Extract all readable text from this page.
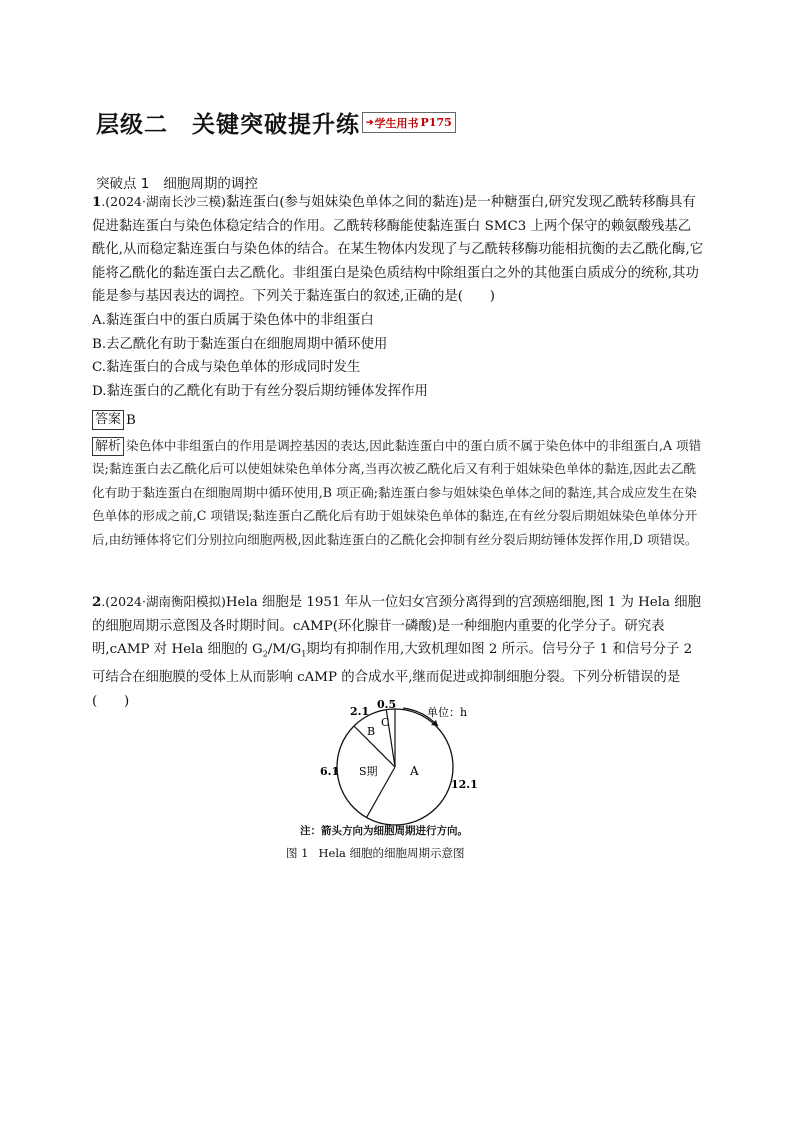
层级二　关键突破提升练 ➔ 学生用书 P175
突破点 1 细胞周期的调控
1.(2024·湖南长沙三模)黏连蛋白(参与姐妹染色单体之间的黏连)是一种糖蛋白,研究发现乙酰转移酶具有促进黏连蛋白与染色体稳定结合的作用。乙酰转移酶能使黏连蛋白 SMC3 上两个保守的赖氨酸残基乙酰化,从而稳定黏连蛋白与染色体的结合。在某生物体内发现了与乙酰转移酶功能相抗衡的去乙酰化酶,它能将乙酰化的黏连蛋白去乙酰化。非组蛋白是染色质结构中除组蛋白之外的其他蛋白质成分的统称,其功能是参与基因表达的调控。下列关于黏连蛋白的叙述,正确的是(　　)
A.黏连蛋白中的蛋白质属于染色体中的非组蛋白
B.去乙酰化有助于黏连蛋白在细胞周期中循环使用
C.黏连蛋白的合成与染色单体的形成同时发生
D.黏连蛋白的乙酰化有助于有丝分裂后期纺锤体发挥作用
答案 B
解析 染色体中非组蛋白的作用是调控基因的表达,因此黏连蛋白中的蛋白质不属于染色体中的非组蛋白,A 项错误;黏连蛋白去乙酰化后可以使姐妹染色单体分离,当再次被乙酰化后又有利于姐妹染色单体的黏连,因此去乙酰化有助于黏连蛋白在细胞周期中循环使用,B 项正确;黏连蛋白参与姐妹染色单体之间的黏连,其合成应发生在染色单体的形成之前,C 项错误;黏连蛋白乙酰化后有助于姐妹染色单体的黏连,在有丝分裂后期姐妹染色单体分开后,由纺锤体将它们分别拉向细胞两极,因此黏连蛋白的乙酰化会抑制有丝分裂后期纺锤体发挥作用,D 项错误。
2.(2024·湖南衡阳模拟)Hela 细胞是 1951 年从一位妇女宫颈分离得到的宫颈癌细胞,图 1 为 Hela 细胞的细胞周期示意图及各时期时间。cAMP(环化腺苷一磷酸)是一种细胞内重要的化学分子。研究表明,cAMP 对 Hela 细胞的 $G_2/M/G_1$期均有抑制作用,大致机理如图 2 所示。信号分子 1 和信号分子 2 可结合在细胞膜的受体上从而影响 cAMP 的合成水平,继而促进或抑制细胞分裂。下列分析错误的是(　　)
单位：h
0.5
2.1
6.1
12.1
A
S期
B
C
注：箭头方向为细胞周期进行方向。
图 1 Hela 细胞的细胞周期示意图
